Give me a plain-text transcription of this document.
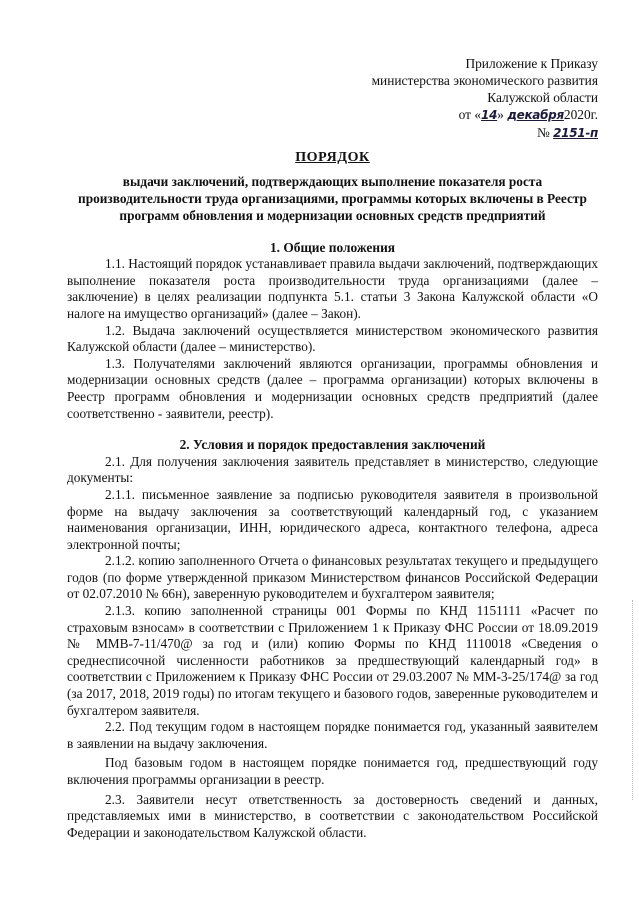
Приложение к Приказу
министерства экономического развития
Калужской области
от «14» декабря2020г.
№ 2151-п
ПОРЯДОК
выдачи заключений, подтверждающих выполнение показателя роста производительности труда организациями, программы которых включены в Реестр программ обновления и модернизации основных средств предприятий
1. Общие положения

1.1. Настоящий порядок устанавливает правила выдачи заключений, подтверждающих выполнение показателя роста производительности труда организациями (далее – заключение) в целях реализации подпункта 5.1. статьи 3 Закона Калужской области «О налоге на имущество организаций» (далее – Закон).

1.2. Выдача заключений осуществляется министерством экономического развития Калужской области (далее – министерство).

1.3. Получателями заключений являются организации, программы обновления и модернизации основных средств (далее – программа организации) которых включены в Реестр программ обновления и модернизации основных средств предприятий (далее соответственно - заявители, реестр).

2. Условия и порядок предоставления заключений

2.1. Для получения заключения заявитель представляет в министерство, следующие документы:

2.1.1. письменное заявление за подписью руководителя заявителя в произвольной форме на выдачу заключения за соответствующий календарный год, с указанием наименования организации, ИНН, юридического адреса, контактного телефона, адреса электронной почты;

2.1.2. копию заполненного Отчета о финансовых результатах текущего и предыдущего годов (по форме утвержденной приказом Министерством финансов Российской Федерации от 02.07.2010 № 66н), заверенную руководителем и бухгалтером заявителя;

2.1.3. копию заполненной страницы 001 Формы по КНД 1151111 «Расчет по страховым взносам» в соответствии с Приложением 1 к Приказу ФНС России от 18.09.2019 № ММВ-7-11/470@ за год и (или) копию Формы по КНД 1110018 «Сведения о среднесписочной численности работников за предшествующий календарный год» в соответствии с Приложением к Приказу ФНС России от 29.03.2007 № ММ-3-25/174@ за год (за 2017, 2018, 2019 годы) по итогам текущего и базового годов, заверенные руководителем и бухгалтером заявителя.

2.2. Под текущим годом в настоящем порядке понимается год, указанный заявителем в заявлении на выдачу заключения.

Под базовым годом в настоящем порядке понимается год, предшествующий году включения программы организации в реестр.

2.3. Заявители несут ответственность за достоверность сведений и данных, представляемых ими в министерство, в соответствии с законодательством Российской Федерации и законодательством Калужской области.
